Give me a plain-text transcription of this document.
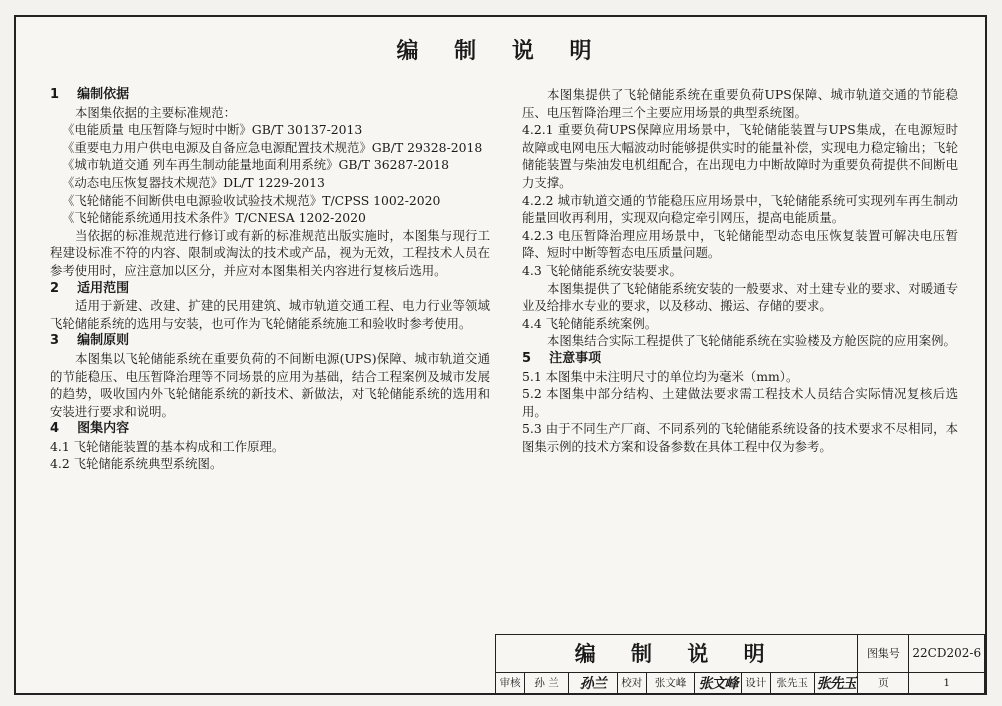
编 制 说 明

1    编制依据

本图集依据的主要标准规范：

《电能质量 电压暂降与短时中断》GB/T 30137-2013

《重要电力用户供电电源及自备应急电源配置技术规范》GB/T 29328-2018

《城市轨道交通 列车再生制动能量地面利用系统》GB/T 36287-2018

《动态电压恢复器技术规范》DL/T 1229-2013

《飞轮储能不间断供电电源验收试验技术规范》T/CPSS 1002-2020

《飞轮储能系统通用技术条件》T/CNESA 1202-2020

当依据的标准规范进行修订或有新的标准规范出版实施时，本图集与现行工程建设标准不符的内容、限制或淘汰的技术或产品，视为无效，工程技术人员在参考使用时，应注意加以区分，并应对本图集相关内容进行复核后选用。

2    适用范围

适用于新建、改建、扩建的民用建筑、城市轨道交通工程、电力行业等领域飞轮储能系统的选用与安装，也可作为飞轮储能系统施工和验收时参考使用。

3    编制原则

本图集以飞轮储能系统在重要负荷的不间断电源(UPS)保障、城市轨道交通的节能稳压、电压暂降治理等不同场景的应用为基础，结合工程案例及城市发展的趋势，吸收国内外飞轮储能系统的新技术、新做法，对飞轮储能系统的选用和安装进行要求和说明。

4    图集内容

4.1 飞轮储能装置的基本构成和工作原理。

4.2 飞轮储能系统典型系统图。

本图集提供了飞轮储能系统在重要负荷UPS保障、城市轨道交通的节能稳压、电压暂降治理三个主要应用场景的典型系统图。

4.2.1 重要负荷UPS保障应用场景中，飞轮储能装置与UPS集成，在电源短时故障或电网电压大幅波动时能够提供实时的能量补偿，实现电力稳定输出；飞轮储能装置与柴油发电机组配合，在出现电力中断故障时为重要负荷提供不间断电力支撑。

4.2.2 城市轨道交通的节能稳压应用场景中，飞轮储能系统可实现列车再生制动能量回收再利用，实现双向稳定牵引网压，提高电能质量。

4.2.3 电压暂降治理应用场景中，飞轮储能型动态电压恢复装置可解决电压暂降、短时中断等暂态电压质量问题。

4.3 飞轮储能系统安装要求。

本图集提供了飞轮储能系统安装的一般要求、对土建专业的要求、对暖通专业及给排水专业的要求，以及移动、搬运、存储的要求。

4.4 飞轮储能系统案例。

本图集结合实际工程提供了飞轮储能系统在实验楼及方舱医院的应用案例。

5    注意事项

5.1 本图集中未注明尺寸的单位均为毫米（mm）。

5.2 本图集中部分结构、土建做法要求需工程技术人员结合实际情况复核后选用。

5.3 由于不同生产厂商、不同系列的飞轮储能系统设备的技术要求不尽相同，本图集示例的技术方案和设备参数在具体工程中仅为参考。

编 制 说 明									图集号	22CD202-6
审核	孙 兰	孙兰	校对	张文峰	张文峰	设计	张先玉	张先玉	页	1
